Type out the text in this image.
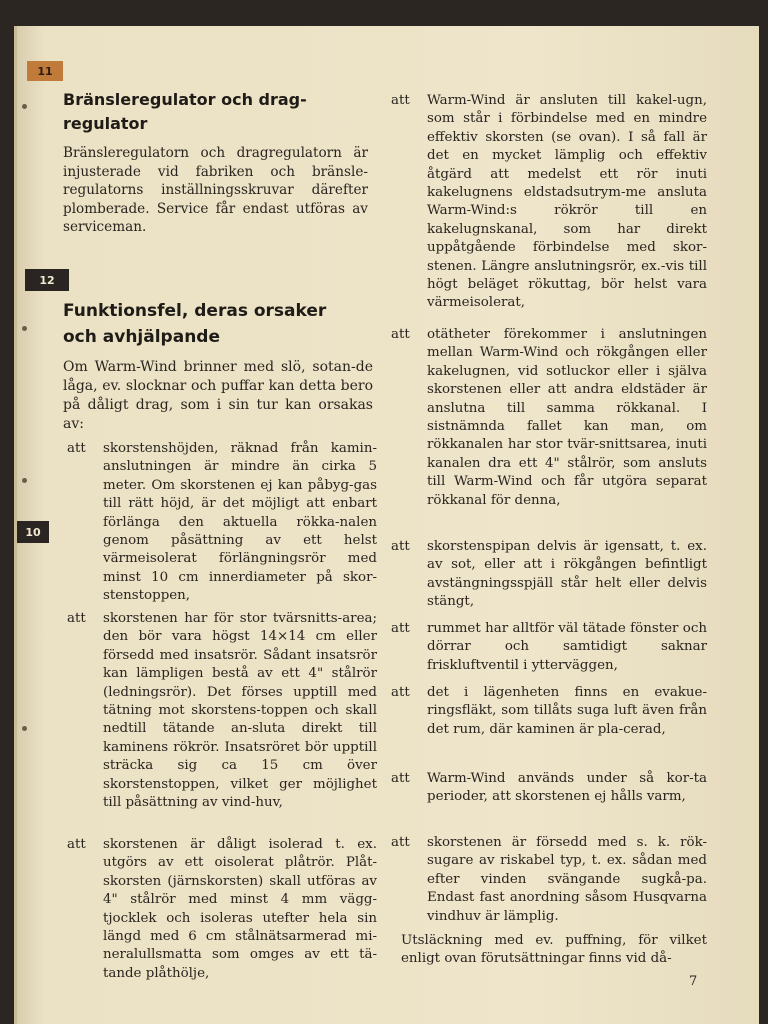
11
12
10
Bränsleregulator och drag-
regulator

Bränsleregulatorn och dragregulatorn är injusterade vid fabriken och bränsle-regulatorns inställningsskruvar därefter plomberade. Service får endast utföras av serviceman.

Funktionsfel, deras orsaker
och avhjälpande

Om Warm-Wind brinner med slö, sotan-de låga, ev. slocknar och puffar kan detta bero på dåligt drag, som i sin tur kan orsakas av:

att	skorstenshöjden, räknad från kamin-anslutningen är mindre än cirka 5 meter. Om skorstenen ej kan påbyg-gas till rätt höjd, är det möjligt att enbart förlänga den aktuella rökka-nalen genom påsättning av ett helst värmeisolerat förlängningsrör med minst 10 cm innerdiameter på skor-stenstoppen,

att	skorstenen har för stor tvärsnitts-area; den bör vara högst 14×14 cm eller försedd med insatsrör. Sådant insatsrör kan lämpligen bestå av ett 4" stålrör (ledningsrör). Det förses upptill med tätning mot skorstens-toppen och skall nedtill tätande an-sluta direkt till kaminens rökrör. Insatsröret bör upptill sträcka sig ca 15 cm över skorstenstoppen, vilket ger möjlighet till påsättning av vind-huv,

att	skorstenen är dåligt isolerad t. ex. utgörs av ett oisolerat plåtrör. Plåt-skorsten (järnskorsten) skall utföras av 4" stålrör med minst 4 mm vägg-tjocklek och isoleras utefter hela sin längd med 6 cm stålnätsarmerad mi-neralullsmatta som omges av ett tä-tande plåthölje,

att	Warm-Wind är ansluten till kakel-ugn, som står i förbindelse med en mindre effektiv skorsten (se ovan). I så fall är det en mycket lämplig och effektiv åtgärd att medelst ett rör inuti kakelugnens eldstadsutrym-me ansluta Warm-Wind:s rökrör till en kakelugnskanal, som har direkt uppåtgående förbindelse med skor-stenen. Längre anslutningsrör, ex.-vis till högt beläget rökuttag, bör helst vara värmeisolerat,

att	otätheter förekommer i anslutningen mellan Warm-Wind och rökgången eller kakelugnen, vid sotluckor eller i själva skorstenen eller att andra eldstäder är anslutna till samma rökkanal. I sistnämnda fallet kan man, om rökkanalen har stor tvär-snittsarea, inuti kanalen dra ett 4" stålrör, som ansluts till Warm-Wind och får utgöra separat rökkanal för denna,

att	skorstenspipan delvis är igensatt, t. ex. av sot, eller att i rökgången befintligt avstängningsspjäll står helt eller delvis stängt,

att	rummet har alltför väl tätade fönster och dörrar och samtidigt saknar friskluftventil i ytterväggen,

att	det i lägenheten finns en evakue-ringsfläkt, som tillåts suga luft även från det rum, där kaminen är pla-cerad,

att	Warm-Wind används under så kor-ta perioder, att skorstenen ej hålls varm,

att	skorstenen är försedd med s. k. rök-sugare av riskabel typ, t. ex. sådan med efter vinden svängande sugkå-pa. Endast fast anordning såsom Husqvarna vindhuv är lämplig.

Utsläckning med ev. puffning, för vilket enligt ovan förutsättningar finns vid då-

7
